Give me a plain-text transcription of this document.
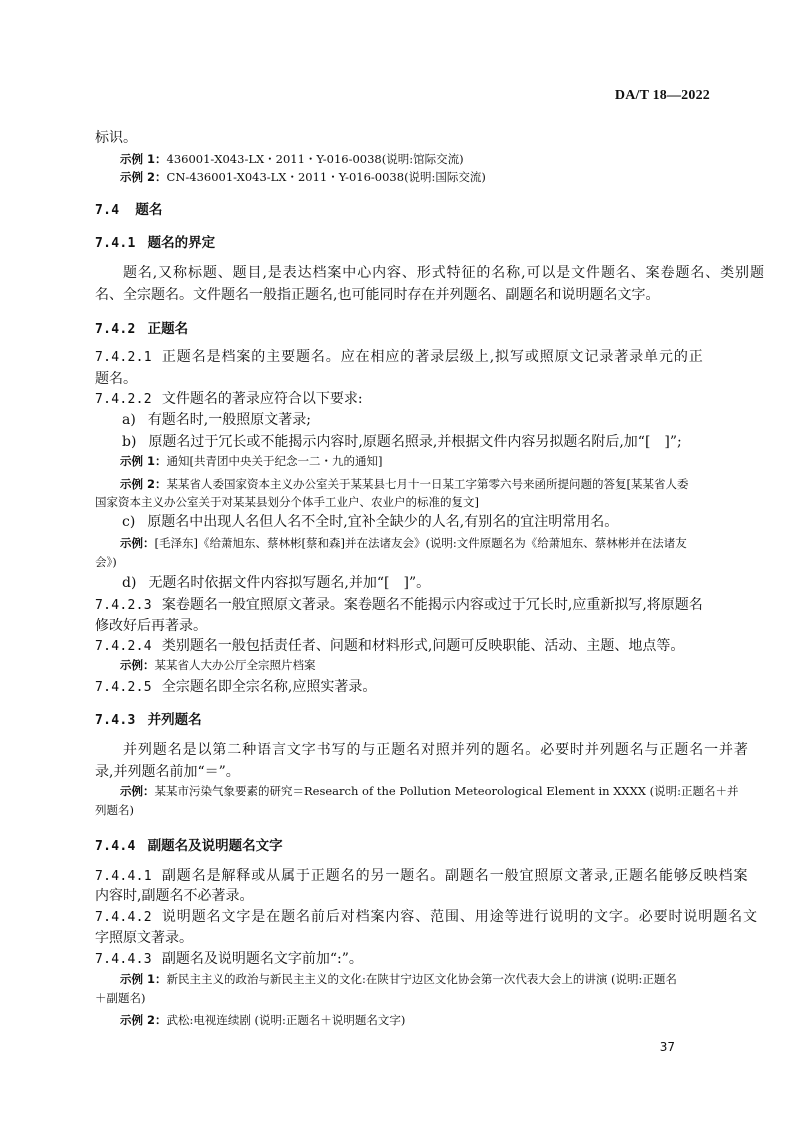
DA/T 18—2022
标识。
示例 1：436001-X043-LX・2011・Y-016-0038(说明:馆际交流)
示例 2：CN-436001-X043-LX・2011・Y-016-0038(说明:国际交流)
7.4 题名
7.4.1 题名的界定
题名,又称标题、题目,是表达档案中心内容、形式特征的名称,可以是文件题名、案卷题名、类别题
名、全宗题名。文件题名一般指正题名,也可能同时存在并列题名、副题名和说明题名文字。
7.4.2 正题名
7.4.2.1 正题名是档案的主要题名。应在相应的著录层级上,拟写或照原文记录著录单元的正
题名。
7.4.2.2 文件题名的著录应符合以下要求:
a) 有题名时,一般照原文著录;
b) 原题名过于冗长或不能揭示内容时,原题名照录,并根据文件内容另拟题名附后,加“[　]”;
示例 1：通知[共青团中央关于纪念一二・九的通知]
示例 2：某某省人委国家资本主义办公室关于某某县七月十一日某工字第零六号来函所提问题的答复[某某省人委
国家资本主义办公室关于对某某县划分个体手工业户、农业户的标准的复文]
c) 原题名中出现人名但人名不全时,宜补全缺少的人名,有别名的宜注明常用名。
示例：[毛泽东]《给萧旭东、蔡林彬[蔡和森]并在法诸友会》(说明:文件原题名为《给萧旭东、蔡林彬并在法诸友
会》)
d) 无题名时依据文件内容拟写题名,并加“[　]”。
7.4.2.3 案卷题名一般宜照原文著录。案卷题名不能揭示内容或过于冗长时,应重新拟写,将原题名
修改好后再著录。
7.4.2.4 类别题名一般包括责任者、问题和材料形式,问题可反映职能、活动、主题、地点等。
示例：某某省人大办公厅全宗照片档案
7.4.2.5 全宗题名即全宗名称,应照实著录。
7.4.3 并列题名
并列题名是以第二种语言文字书写的与正题名对照并列的题名。必要时并列题名与正题名一并著
录,并列题名前加“＝”。
示例：某某市污染气象要素的研究＝Research of the Pollution Meteorological Element in XXXX (说明:正题名＋并
列题名)
7.4.4 副题名及说明题名文字
7.4.4.1 副题名是解释或从属于正题名的另一题名。副题名一般宜照原文著录,正题名能够反映档案
内容时,副题名不必著录。
7.4.4.2 说明题名文字是在题名前后对档案内容、范围、用途等进行说明的文字。必要时说明题名文
字照原文著录。
7.4.4.3 副题名及说明题名文字前加“:”。
示例 1：新民主主义的政治与新民主主义的文化:在陕甘宁边区文化协会第一次代表大会上的讲演 (说明:正题名
＋副题名)
示例 2：武松:电视连续剧 (说明:正题名＋说明题名文字)
37
